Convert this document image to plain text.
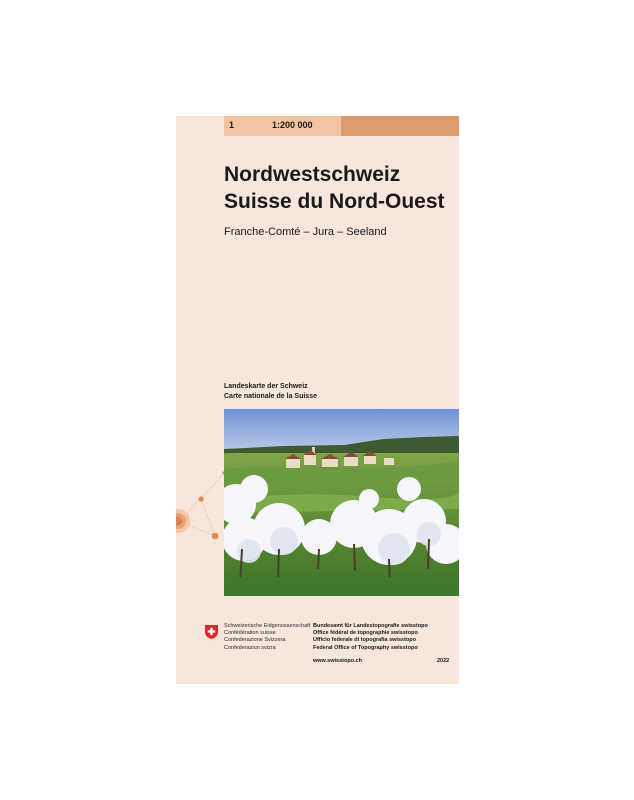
1	1:200 000
Nordwestschweiz
Suisse du Nord-Ouest
Franche-Comté – Jura – Seeland
Landeskarte der Schweiz
Carte nationale de la Suisse
Schweizerische Eidgenossenschaft
Confédération suisse
Confederazione Svizzera
Confederaziun svizra
Bundesamt für Landestopografie swisstopo
Office fédéral de topographie swisstopo
Ufficio federale di topografia swisstopo
Federal Office of Topography swisstopo
www.swisstopo.ch	2022
